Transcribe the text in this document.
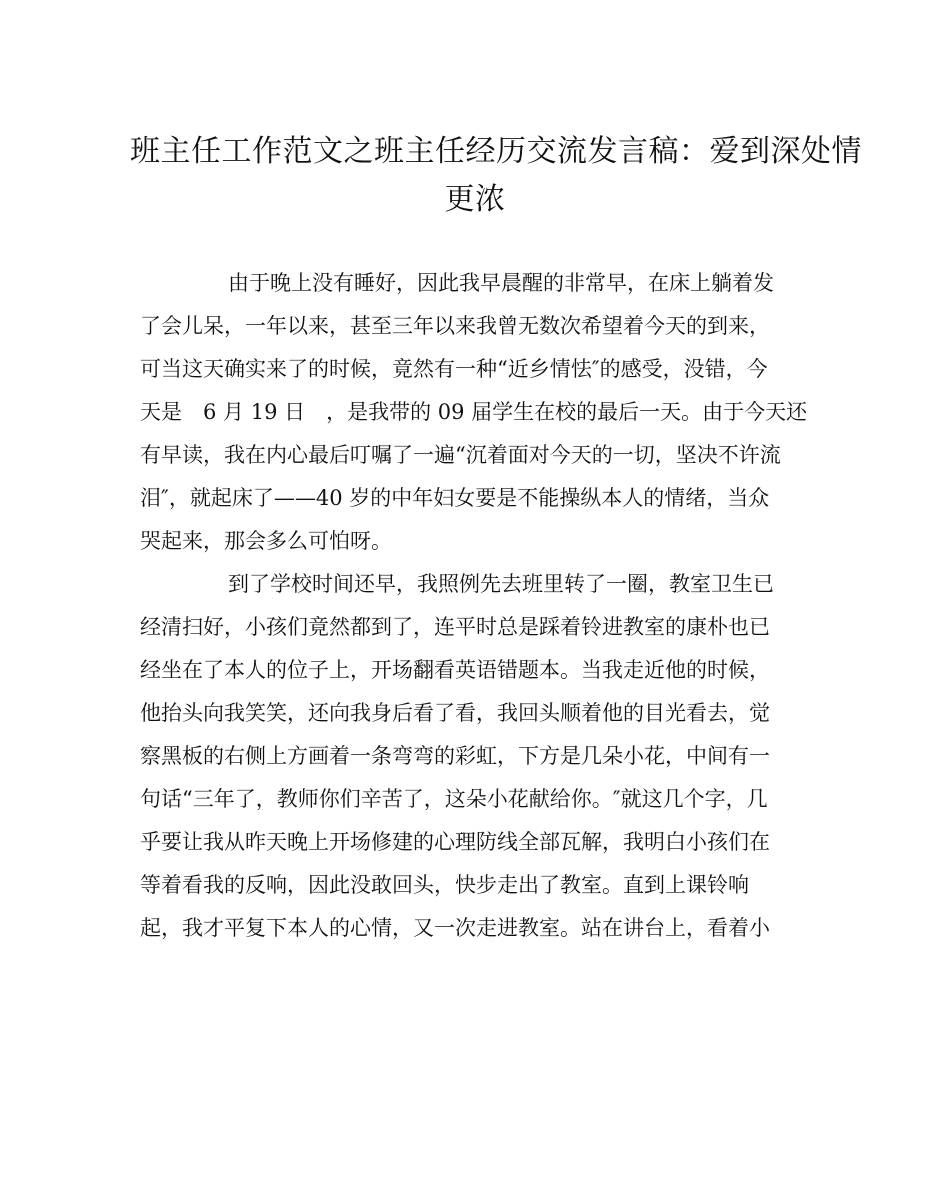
班主任工作范文之班主任经历交流发言稿：爱到深处情
更浓

由于晚上没有睡好，因此我早晨醒的非常早，在床上躺着发
了会儿呆，一年以来，甚至三年以来我曾无数次希望着今天的到来，
可当这天确实来了的时候，竟然有一种“近乡情怯″的感受，没错，今
天是　6 月 19 日　，是我带的 09 届学生在校的最后一天。由于今天还
有早读，我在内心最后叮嘱了一遍“沉着面对今天的一切，坚决不许流
泪″，就起床了——40 岁的中年妇女要是不能操纵本人的情绪，当众
哭起来，那会多么可怕呀。

到了学校时间还早，我照例先去班里转了一圈，教室卫生已
经清扫好，小孩们竟然都到了，连平时总是踩着铃进教室的康朴也已
经坐在了本人的位子上，开场翻看英语错题本。当我走近他的时候，
他抬头向我笑笑，还向我身后看了看，我回头顺着他的目光看去，觉
察黑板的右侧上方画着一条弯弯的彩虹，下方是几朵小花，中间有一
句话“三年了，教师你们辛苦了，这朵小花献给你。″就这几个字，几
乎要让我从昨天晚上开场修建的心理防线全部瓦解，我明白小孩们在
等着看我的反响，因此没敢回头，快步走出了教室。直到上课铃响
起，我才平复下本人的心情，又一次走进教室。站在讲台上，看着小
